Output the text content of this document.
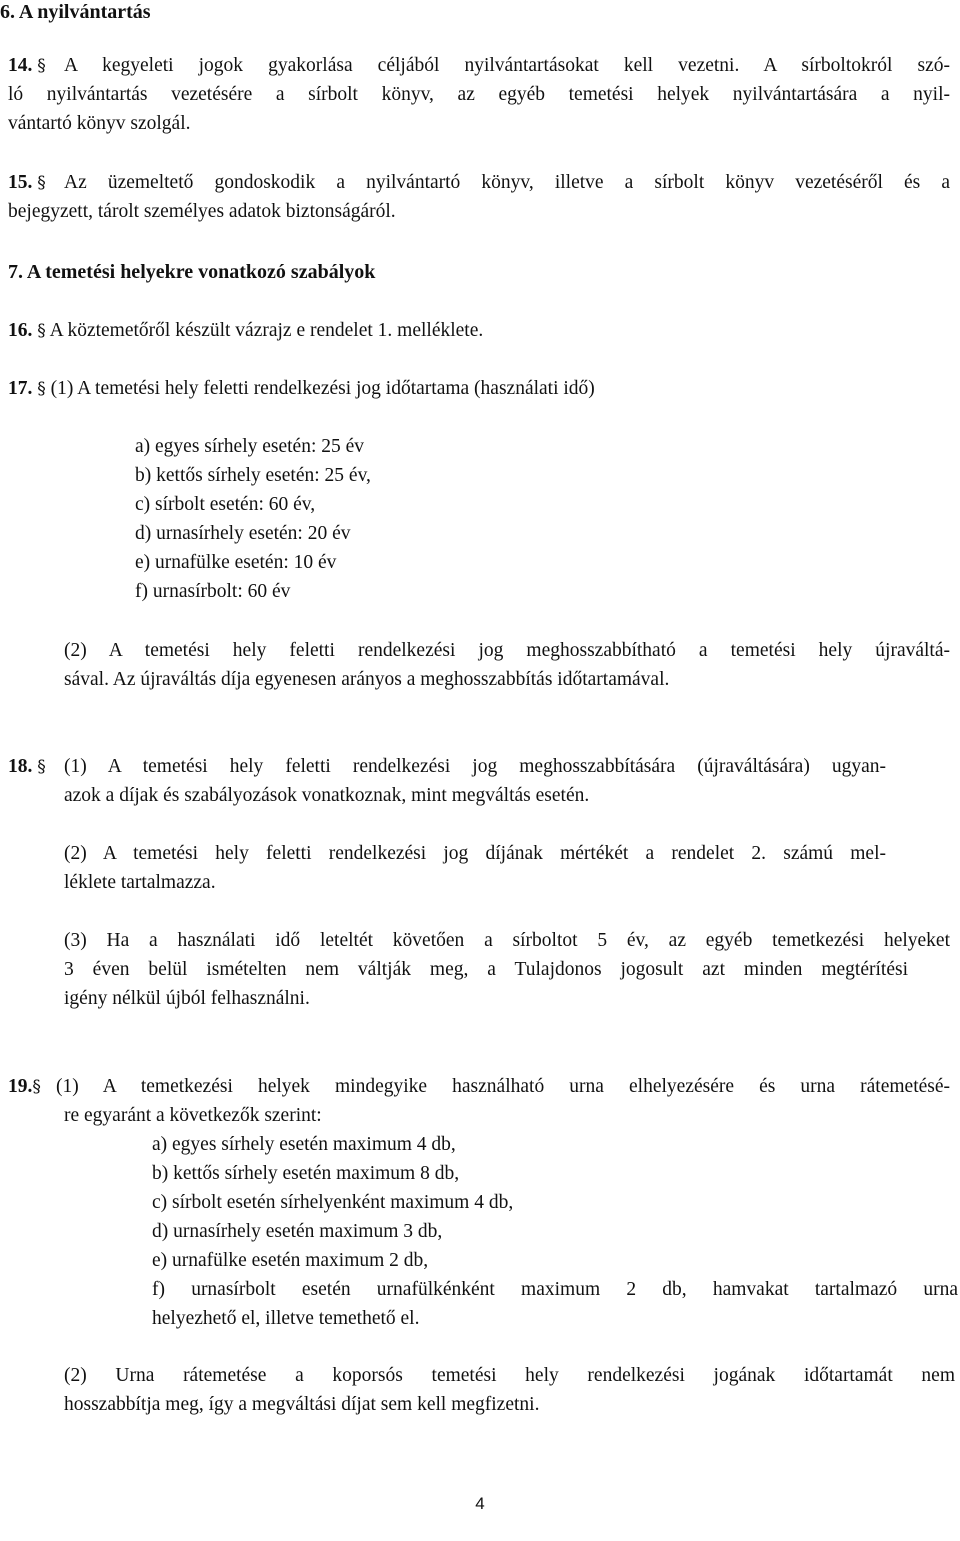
6. A nyilvántartás
14. § A kegyeleti jogok gyakorlása céljából nyilvántartásokat kell vezetni. A sírboltokról szó-
ló nyilvántartás vezetésére a sírbolt könyv, az egyéb temetési helyek nyilvántartására a nyil-
vántartó könyv szolgál.
15. § Az üzemeltető gondoskodik a nyilvántartó könyv, illetve a sírbolt könyv vezetéséről és a
bejegyzett, tárolt személyes adatok biztonságáról.
7. A temetési helyekre vonatkozó szabályok
16. § A köztemetőről készült vázrajz e rendelet 1. melléklete.
17. § (1) A temetési hely feletti rendelkezési jog időtartama (használati idő)
a) egyes sírhely esetén: 25 év
b) kettős sírhely esetén: 25 év,
c) sírbolt esetén: 60 év,
d) urnasírhely esetén: 20 év
e) urnafülke esetén: 10 év
f) urnasírbolt: 60 év
(2) A temetési hely feletti rendelkezési jog meghosszabbítható a temetési hely újraváltá-
sával. Az újraváltás díja egyenesen arányos a meghosszabbítás időtartamával.
18. § (1) A temetési hely feletti rendelkezési jog meghosszabbítására (újraváltására) ugyan-
azok a díjak és szabályozások vonatkoznak, mint megváltás esetén.
(2) A temetési hely feletti rendelkezési jog díjának mértékét a rendelet 2. számú mel-
léklete tartalmazza.
(3) Ha a használati idő leteltét követően a sírboltot 5 év, az egyéb temetkezési helyeket
3 éven belül ismételten nem váltják meg, a Tulajdonos jogosult azt minden megtérítési
igény nélkül újból felhasználni.
19.§ (1) A temetkezési helyek mindegyike használható urna elhelyezésére és urna rátemetésé-
re egyaránt a következők szerint:
a) egyes sírhely esetén maximum 4 db,
b) kettős sírhely esetén maximum 8 db,
c) sírbolt esetén sírhelyenként maximum 4 db,
d) urnasírhely esetén maximum 3 db,
e) urnafülke esetén maximum 2 db,
f) urnasírbolt esetén urnafülkénként maximum 2 db, hamvakat tartalmazó urna
helyezhető el, illetve temethető el.
(2) Urna rátemetése a koporsós temetési hely rendelkezési jogának időtartamát nem
hosszabbítja meg, így a megváltási díjat sem kell megfizetni.
4
